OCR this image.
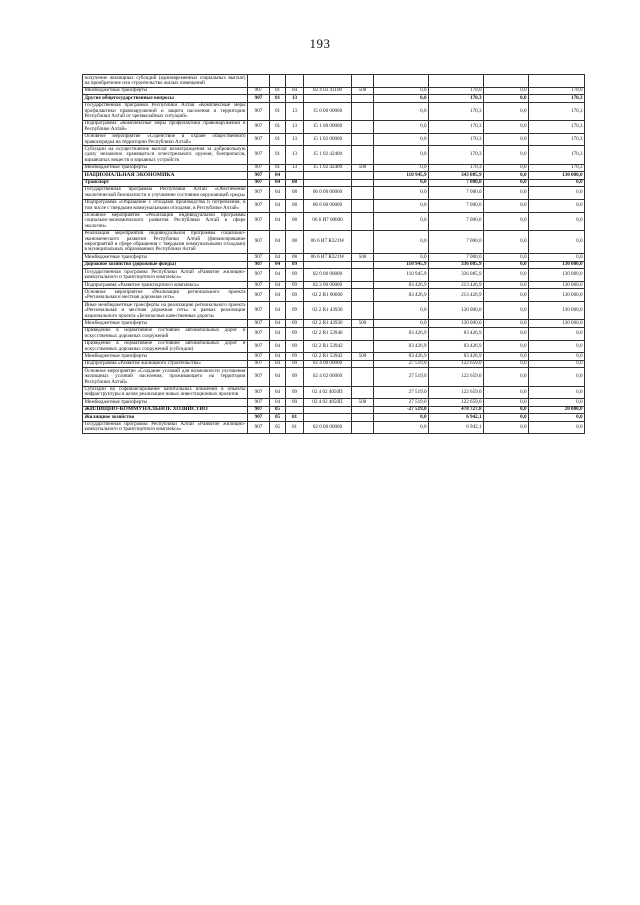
193
получение жилищных субсидий (единовременных социальных выплат) на приобретение или строительство жилых помещений									
Межбюджетные трансферты	907	01	04	02 4 03 41100	500	0,0	178,0	0,0	178,0
Другие общегосударственные вопросы	907	01	13			0,0	170,3	0,0	170,3
Государственная программа Республики Алтай «Комплексные меры профилактики правонарушений и защита населения и территории Республики Алтай от чрезвычайных ситуаций»	907	01	13	15 0 00 00000		0,0	170,3	0,0	170,3
Подпрограмма «Комплексные меры профилактики правонарушений в Республике Алтай»	907	01	13	15 1 00 00000		0,0	170,3	0,0	170,3
Основное мероприятие «Содействие в охране общественного правопорядка на территории Республики Алтай»	907	01	13	15 1 02 00000		0,0	170,3	0,0	170,3
Субсидии на осуществление выплат вознаграждения за добровольную сдачу незаконно хранящегося огнестрельного оружия, боеприпасов, взрывчатых веществ и взрывных устройств	907	01	13	15 1 02 42400		0,0	170,3	0,0	170,3
Межбюджетные трансферты	907	01	13	15 1 02 42400	500	0,0	170,3	0,0	170,3
НАЦИОНАЛЬНАЯ ЭКОНОМИКА	907	04				110 945,9	343 085,9	0,0	130 000,0
Транспорт	907	04	08			0,0	7 000,0	0,0	0,0
Государственная программа Республики Алтай «Обеспечение экологической безопасности и улучшение состояния окружающей среды»	907	04	08	06 0 00 00000		0,0	7 000,0	0,0	0,0
Подпрограмма «Обращение с отходами производства и потребления, в том числе с твердыми коммунальными отходами, в Республике Алтай»	907	04	08	06 6 00 00000		0,0	7 000,0	0,0	0,0
Основное мероприятие «Реализация индивидуальной программы социально-экономического развития Республики Алтай в сфере экологии»	907	04	08	06 6 И7 00000		0,0	7 000,0	0,0	0,0
Реализация мероприятий индивидуальной программы социально-экономического развития Республики Алтай (финансирование мероприятий в сфере обращения с твердыми коммунальными отходами) в муниципальных образованиях Республики Алтай	907	04	08	06 6 И7 R321W		0,0	7 000,0	0,0	0,0
Межбюджетные трансферты	907	04	08	06 6 И7 R321W	500	0,0	7 000,0	0,0	0,0
Дорожное хозяйство (дорожные фонды)	907	04	09			110 945,9	336 085,9	0,0	130 000,0
Государственная программа Республики Алтай «Развитие жилищно-коммунального и транспортного комплекса»	907	04	09	02 0 00 00000		110 945,9	336 085,9	0,0	130 000,0
Подпрограмма «Развитие транспортного комплекса»	907	04	09	02 2 00 00000		83 426,9	213 426,9	0,0	130 000,0
Основное мероприятие «Реализация регионального проекта «Региональная и местная дорожная сеть»	907	04	09	02 2 R1 00000		83 426,9	213 426,9	0,0	130 000,0
Иные межбюджетные трансферты на реализацию регионального проекта «Региональная и местная дорожная сеть» в рамках реализации национального проекта «Безопасные качественные дороги»	907	04	09	02 2 R1 43930		0,0	130 000,0	0,0	130 000,0
Межбюджетные трансферты	907	04	09	02 2 R1 43930	500	0,0	130 000,0	0,0	130 000,0
Приведение в нормативное состояние автомобильных дорог и искусственных дорожных сооружений	907	04	09	02 2 R1 53940		83 426,9	83 426,9	0,0	0,0
Приведение в нормативное состояние автомобильных дорог и искусственных дорожных сооружений (субсидии)	907	04	09	02 2 R1 53942		83 426,9	83 426,9	0,0	0,0
Межбюджетные трансферты	907	04	09	02 2 R1 53942	500	83 426,9	83 426,9	0,0	0,0
Подпрограмма «Развитие жилищного строительства»	907	04	09	02 4 00 00000		27 519,0	122 659,0	0,0	0,0
Основное мероприятие «Создание условий для возможности улучшения жилищных условий населения, проживающего на территории Республики Алтай»	907	04	09	02 4 02 00000		27 519,0	122 659,0	0,0	0,0
Субсидии на софинансирование капитальных вложений в объекты инфраструктуры в целях реализации новых инвестиционных проектов	907	04	09	02 4 02 4050П		27 519,0	122 659,0	0,0	0,0
Межбюджетные трансферты	907	04	09	02 4 02 4050П	500	27 519,0	122 659,0	0,0	0,0
ЖИЛИЩНО-КОММУНАЛЬНОЕ ХОЗЯЙСТВО	907	05				-27 519,0	478 727,8	0,0	20 000,0
Жилищное хозяйство	907	05	01			0,0	6 942,1	0,0	0,0
Государственная программа Республики Алтай «Развитие жилищно-коммунального и транспортного комплекса»	907	05	01	02 0 00 00000		0,0	6 942,1	0,0	0,0
